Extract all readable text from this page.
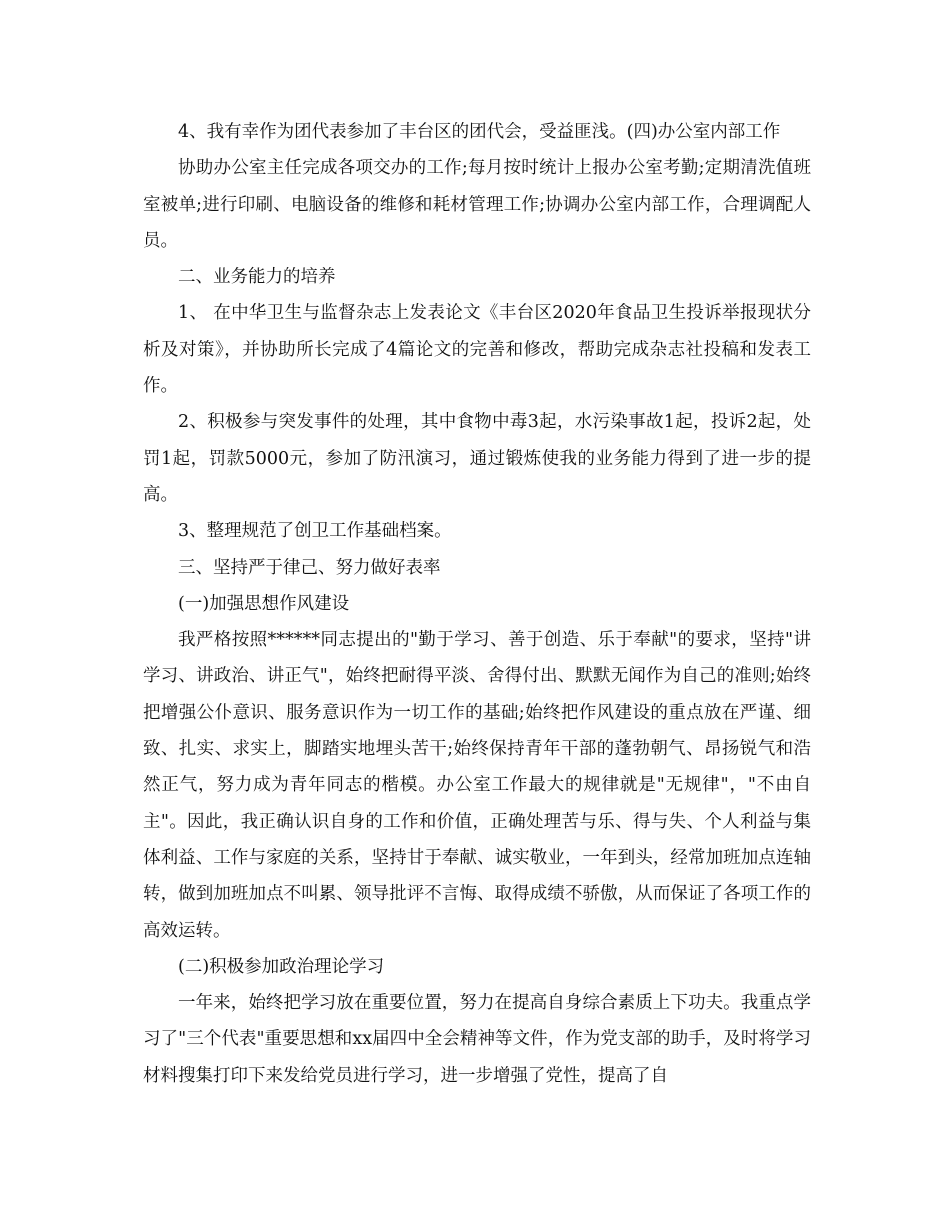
4、我有幸作为团代表参加了丰台区的团代会，受益匪浅。(四)办公室内部工作

协助办公室主任完成各项交办的工作;每月按时统计上报办公室考勤;定期清洗值班室被单;进行印刷、电脑设备的维修和耗材管理工作;协调办公室内部工作，合理调配人员。

二、业务能力的培养

1、 在中华卫生与监督杂志上发表论文《丰台区2020年食品卫生投诉举报现状分析及对策》，并协助所长完成了4篇论文的完善和修改，帮助完成杂志社投稿和发表工作。

2、积极参与突发事件的处理，其中食物中毒3起，水污染事故1起，投诉2起，处罚1起，罚款5000元，参加了防汛演习，通过锻炼使我的业务能力得到了进一步的提高。

3、整理规范了创卫工作基础档案。

三、坚持严于律己、努力做好表率

(一)加强思想作风建设

我严格按照******同志提出的"勤于学习、善于创造、乐于奉献"的要求，坚持"讲学习、讲政治、讲正气"，始终把耐得平淡、舍得付出、默默无闻作为自己的准则;始终把增强公仆意识、服务意识作为一切工作的基础;始终把作风建设的重点放在严谨、细致、扎实、求实上，脚踏实地埋头苦干;始终保持青年干部的蓬勃朝气、昂扬锐气和浩然正气，努力成为青年同志的楷模。办公室工作最大的规律就是"无规律"，"不由自主"。因此，我正确认识自身的工作和价值，正确处理苦与乐、得与失、个人利益与集体利益、工作与家庭的关系，坚持甘于奉献、诚实敬业，一年到头，经常加班加点连轴转，做到加班加点不叫累、领导批评不言悔、取得成绩不骄傲，从而保证了各项工作的高效运转。

(二)积极参加政治理论学习

一年来，始终把学习放在重要位置，努力在提高自身综合素质上下功夫。我重点学习了"三个代表"重要思想和xx届四中全会精神等文件，作为党支部的助手，及时将学习材料搜集打印下来发给党员进行学习，进一步增强了党性，提高了自
